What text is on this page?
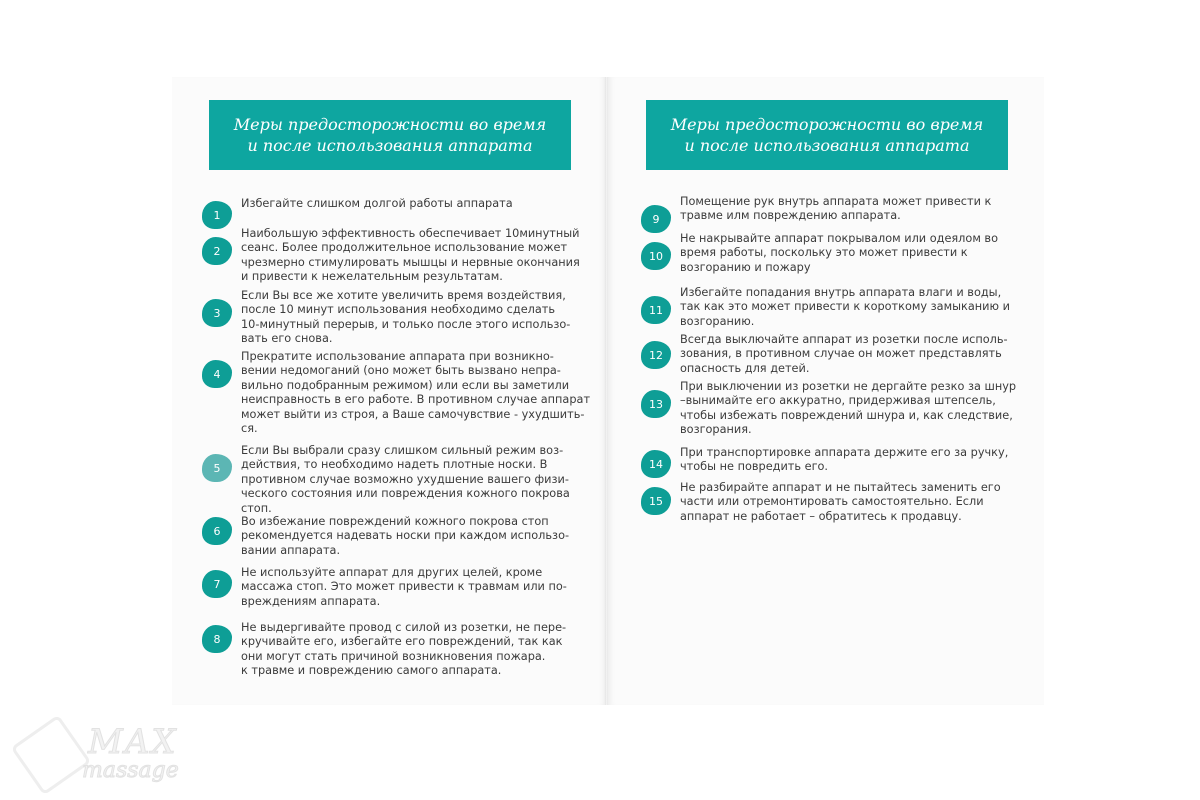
Меры предосторожности во время
и после использования аппарата
1
Избегайте слишком долгой работы аппарата
2
Наибольшую эффективность обеспечивает 10минутный
сеанс. Более продолжительное использование может
чрезмерно стимулировать мышцы и нервные окончания
и привести к нежелательным результатам.
3
Если Вы все же хотите увеличить время воздействия,
после 10 минут использования необходимо сделать
10-минутный перерыв, и только после этого использо-
вать его снова.
4
Прекратите использование аппарата при возникно-
вении недомоганий (оно может быть вызвано непра-
вильно подобранным режимом) или если вы заметили
неисправность в его работе. В противном случае аппарат
может выйти из строя, а Ваше самочувствие - ухудшить-
ся.
5
Если Вы выбрали сразу слишком сильный режим воз-
действия, то необходимо надеть плотные носки. В
противном случае возможно ухудшение вашего физи-
ческого состояния или повреждения кожного покрова
стоп.
6
Во избежание повреждений кожного покрова стоп
рекомендуется надевать носки при каждом использо-
вании аппарата.
7
Не используйте аппарат для других целей, кроме
массажа стоп. Это может привести к травмам или по-
вреждениям аппарата.
8
Не выдергивайте провод с силой из розетки, не пере-
кручивайте его, избегайте его повреждений, так как
они могут стать причиной возникновения пожара.
к травме и повреждению самого аппарата.
Меры предосторожности во время
и после использования аппарата
9
Помещение рук внутрь аппарата может привести к
травме илм повреждению аппарата.
10
Не накрывайте аппарат покрывалом или одеялом во
время работы, поскольку это может привести к
возгоранию и пожару
11
Избегайте попадания внутрь аппарата влаги и воды,
так как это может привести к короткому замыканию и
возгоранию.
12
Всегда выключайте аппарат из розетки после исполь-
зования, в противном случае он может представлять
опасность для детей.
13
При выключении из розетки не дергайте резко за шнур
–вынимайте его аккуратно, придерживая штепсель,
чтобы избежать повреждений шнура и, как следствие,
возгорания.
14
При транспортировке аппарата держите его за ручку,
чтобы не повредить его.
15
Не разбирайте аппарат и не пытайтесь заменить его
части или отремонтировать самостоятельно. Если
аппарат не работает – обратитесь к продавцу.
MAX
massage
